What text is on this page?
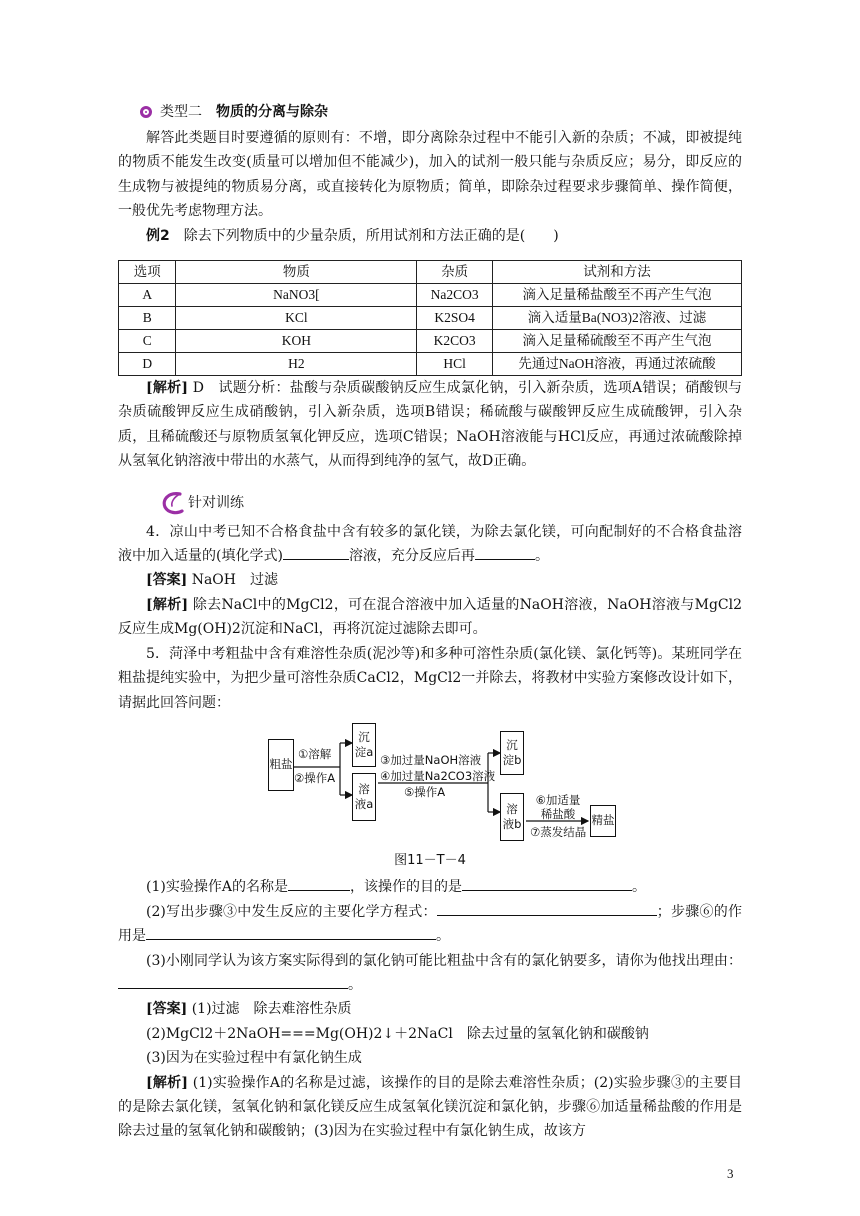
类型二 物质的分离与除杂

解答此类题目时要遵循的原则有：不增，即分离除杂过程中不能引入新的杂质；不减，即被提纯的物质不能发生改变(质量可以增加但不能减少)，加入的试剂一般只能与杂质反应；易分，即反应的生成物与被提纯的物质易分离，或直接转化为原物质；简单，即除杂过程要求步骤简单、操作简便，一般优先考虑物理方法。

例2　 除去下列物质中的少量杂质，所用试剂和方法正确的是(　　)

选项	物质	杂质	试剂和方法
A	NaNO3[	Na2CO3	滴入足量稀盐酸至不再产生气泡
B	KCl	K2SO4	滴入适量Ba(NO3)2溶液、过滤
C	KOH	K2CO3	滴入足量稀硫酸至不再产生气泡
D	H2	HCl	先通过NaOH溶液，再通过浓硫酸

[解析] D　试题分析：盐酸与杂质碳酸钠反应生成氯化钠，引入新杂质，选项A错误；硝酸钡与杂质硫酸钾反应生成硝酸钠，引入新杂质，选项B错误；稀硫酸与碳酸钾反应生成硫酸钾，引入杂质，且稀硫酸还与原物质氢氧化钾反应，选项C错误；NaOH溶液能与HCl反应，再通过浓硫酸除掉从氢氧化钠溶液中带出的水蒸气，从而得到纯净的氢气，故D正确。

针对训练

4．凉山中考已知不合格食盐中含有较多的氯化镁，为除去氯化镁，可向配制好的不合格食盐溶液中加入适量的(填化学式)	溶液，充分反应后再	。

[答案] NaOH　过滤

[解析] 除去NaCl中的MgCl2，可在混合溶液中加入适量的NaOH溶液，NaOH溶液与MgCl2反应生成Mg(OH)2沉淀和NaCl，再将沉淀过滤除去即可。

5．菏泽中考粗盐中含有难溶性杂质(泥沙等)和多种可溶性杂质(氯化镁、氯化钙等)。某班同学在粗盐提纯实验中，为把少量可溶性杂质CaCl2，MgCl2一并除去，将教材中实验方案修改设计如下，请据此回答问题：

粗盐
①溶解
②操作A
沉淀a
溶液a
③加过量NaOH溶液
④加过量Na2CO3溶液
⑤操作A
沉淀b
溶液b
⑥加适量稀盐酸
⑦蒸发结晶
精盐
图11－T－4

(1)实验操作A的名称是	，该操作的目的是	。

(2)写出步骤③中发生反应的主要化学方程式：	；步骤⑥的作用是	。

(3)小刚同学认为该方案实际得到的氯化钠可能比粗盐中含有的氯化钠要多，请你为他找出理由：。

[答案] (1)过滤　除去难溶性杂质

(2)MgCl2＋2NaOH===Mg(OH)2↓＋2NaCl　除去过量的氢氧化钠和碳酸钠

(3)因为在实验过程中有氯化钠生成

[解析] (1)实验操作A的名称是过滤，该操作的目的是除去难溶性杂质；(2)实验步骤③的主要目的是除去氯化镁，氢氧化钠和氯化镁反应生成氢氧化镁沉淀和氯化钠，步骤⑥加适量稀盐酸的作用是除去过量的氢氧化钠和碳酸钠；(3)因为在实验过程中有氯化钠生成，故该方

3
